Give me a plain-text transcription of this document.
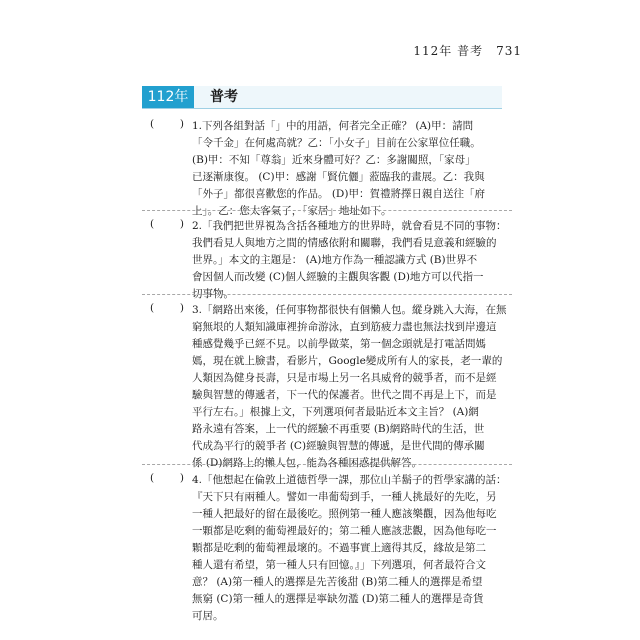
112年 普考　731
112年	普考
( ) 1.下列各組對話「」中的用語，何者完全正確？ (A)甲：請問
「令千金」在何處高就？乙：「小女子」目前在公家單位任職。
(B)甲：不知「尊翁」近來身體可好？乙：多謝關照，「家母」
已逐漸康復。 (C)甲：感謝「賢伉儷」蒞臨我的畫展。乙：我與
「外子」都很喜歡您的作品。 (D)甲：賀禮將擇日親自送往「府
上」。乙：您太客氣了，「家居」地址如下。
( ) 2.「我們把世界視為含括各種地方的世界時，就會看見不同的事物：
我們看見人與地方之間的情感依附和關聯，我們看見意義和經驗的
世界。」本文的主題是： (A)地方作為一種認識方式 (B)世界不
會因個人而改變 (C)個人經驗的主觀與客觀 (D)地方可以代指一
切事物。
( ) 3.「網路出來後，任何事物都很快有個懶人包。縱身跳入大海，在無
窮無垠的人類知識庫裡拚命游泳，直到筋疲力盡也無法找到岸邊這
種感覺幾乎已經不見。以前學做菜，第一個念頭就是打電話問媽
媽，現在就上臉書，看影片，Google變成所有人的家長，老一輩的
人類因為健身長壽，只是市場上另一名具威脅的競爭者，而不是經
驗與智慧的傳遞者，下一代的保護者。世代之間不再是上下，而是
平行左右。」根據上文，下列選項何者最貼近本文主旨？ (A)網
路永遠有答案，上一代的經驗不再重要 (B)網路時代的生活，世
代成為平行的競爭者 (C)經驗與智慧的傳遞，是世代間的傳承關
係 (D)網路上的懶人包，能為各種困惑提供解答。
( ) 4.「他想起在倫敦上道德哲學一課，那位山羊鬍子的哲學家講的話：
『天下只有兩種人。譬如一串葡萄到手，一種人挑最好的先吃，另
一種人把最好的留在最後吃。照例第一種人應該樂觀，因為他每吃
一顆都是吃剩的葡萄裡最好的；第二種人應該悲觀，因為他每吃一
顆都是吃剩的葡萄裡最壞的。不過事實上適得其反，緣故是第二
種人還有希望，第一種人只有回憶。』」下列選項，何者最符合文
意？ (A)第一種人的選擇是先苦後甜 (B)第二種人的選擇是希望
無窮 (C)第一種人的選擇是寧缺勿濫 (D)第二種人的選擇是奇貨
可居。
